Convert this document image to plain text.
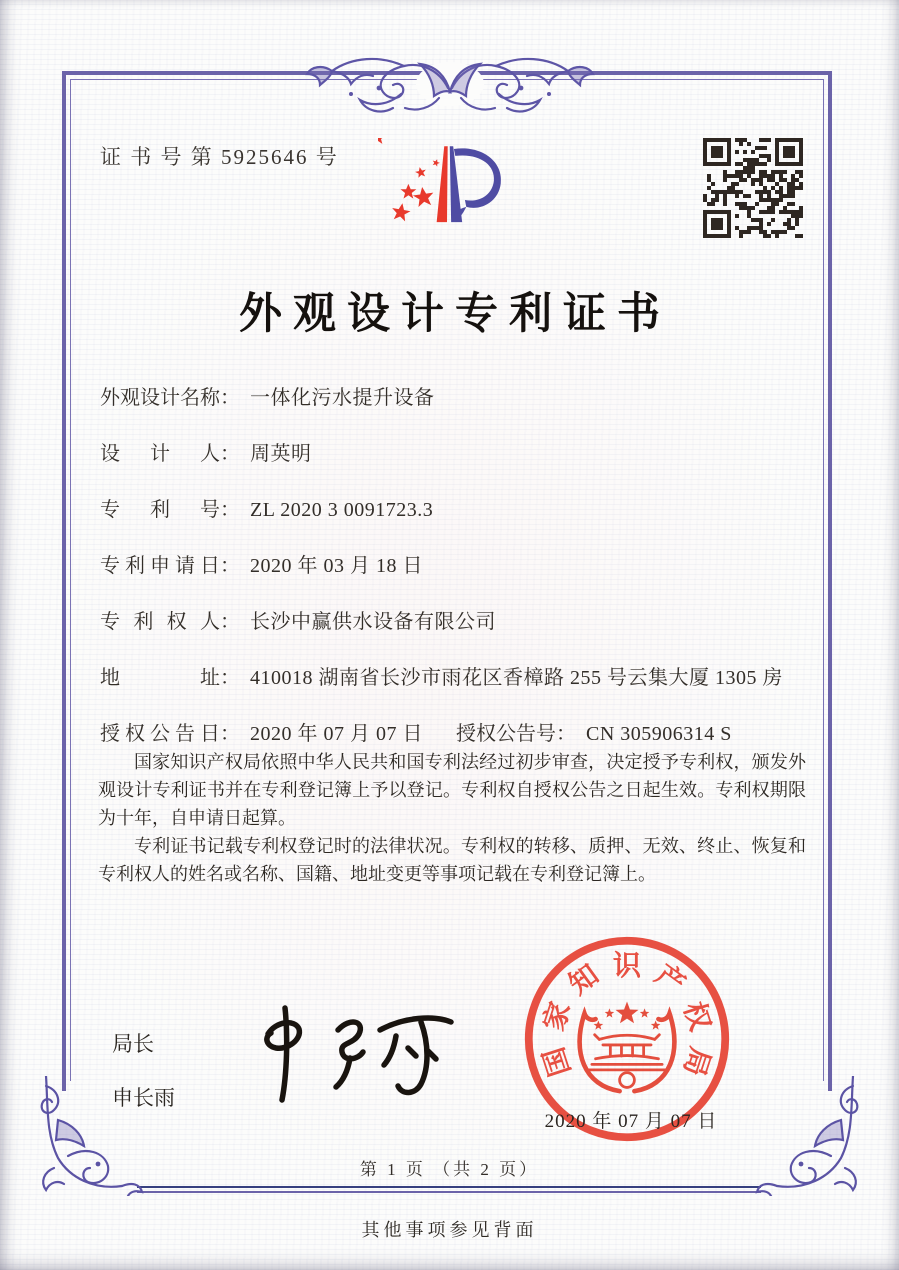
证 书 号 第 5925646 号
外观设计专利证书
外观设计名称： 一体化污水提升设备
设计人： 周英明
专利号： ZL 2020 3 0091723.3
专利申请日： 2020 年 03 月 18 日
专利权人： 长沙中赢供水设备有限公司
地址： 410018 湖南省长沙市雨花区香樟路 255 号云集大厦 1305 房
授权公告日： 2020 年 07 月 07 日 授权公告号： CN 305906314 S

国家知识产权局依照中华人民共和国专利法经过初步审查，决定授予专利权，颁发外观设计专利证书并在专利登记簿上予以登记。专利权自授权公告之日起生效。专利权期限为十年，自申请日起算。

专利证书记载专利权登记时的法律状况。专利权的转移、质押、无效、终止、恢复和专利权人的姓名或名称、国籍、地址变更等事项记载在专利登记簿上。

局长
申长雨
国
家
知 识 产
权
局
2020 年 07 月 07 日
第 1 页 （共 2 页）
其他事项参见背面
